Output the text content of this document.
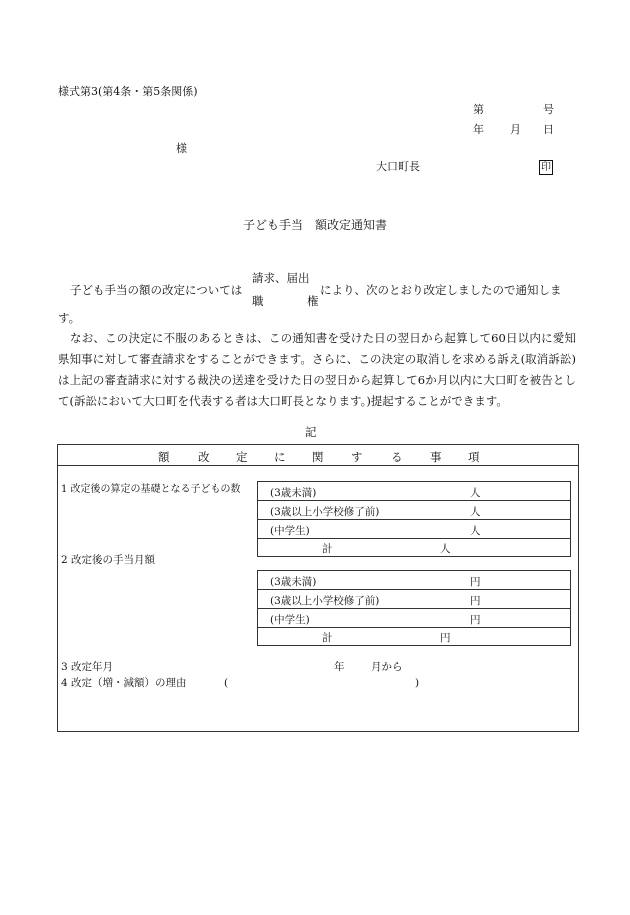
様式第3(第4条・第5条関係)
第	号
年 月 日
様
大口町長	印
子ども手当　額改定通知書
子ども手当の額の改定については
請求、届出
職	権
により、次のとおり改定しましたので通知しま
す。
なお、この決定に不服のあるときは、この通知書を受けた日の翌日から起算して60日以内に愛知県知事に対して審査請求をすることができます。さらに、この決定の取消しを求める訴え(取消訴訟)は上記の審査請求に対する裁決の送達を受けた日の翌日から起算して6か月以内に大口町を被告として(訴訟において大口町を代表する者は大口町長となります。)提起することができます。
記
額 改 定 に 関 す る 事 項
1 改定後の算定の基礎となる子どもの数	(3歳未満)	人
(3歳以上小学校修了前)	人
(中学生)	人
計	人
2 改定後の手当月額
(3歳未満)	円
(3歳以上小学校修了前)	円
(中学生)	円
計	円
3 改定年月	年	月から
4 改定（増・減額）の理由	(	)
